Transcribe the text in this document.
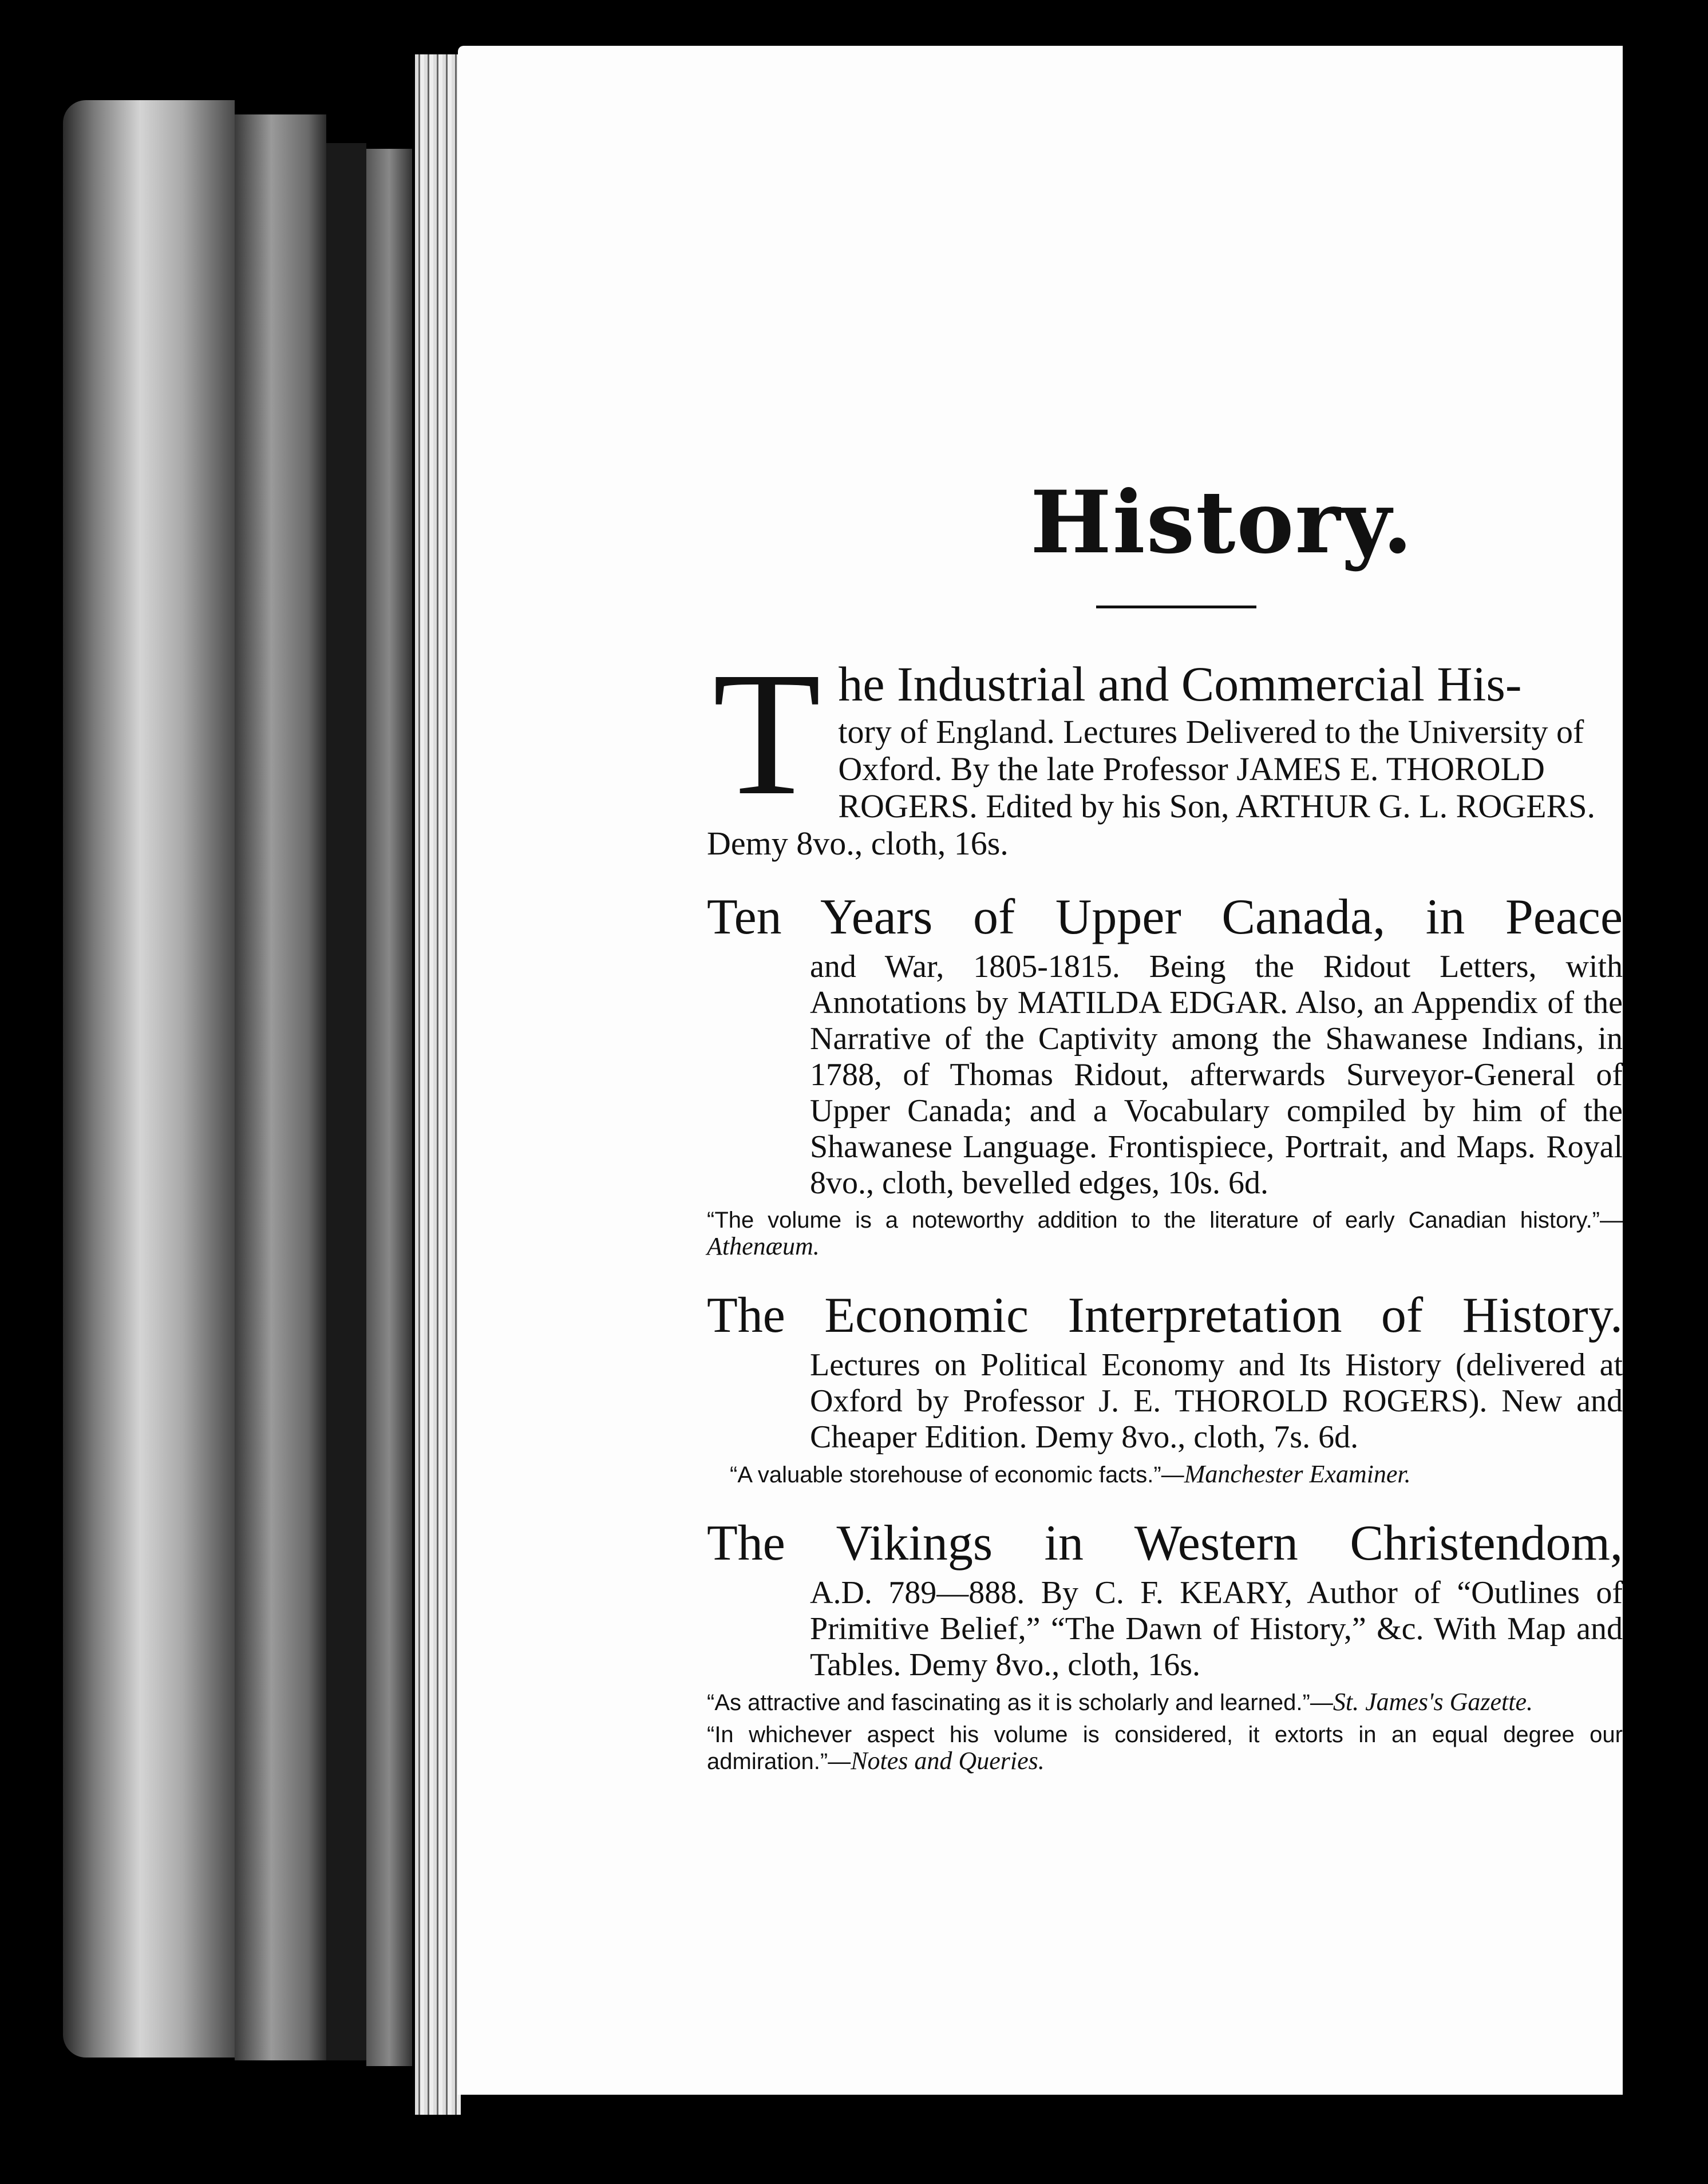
History.
T he Industrial and Commercial His-

tory of England. Lectures Delivered to the University of Oxford. By the late Professor JAMES E. THOROLD ROGERS. Edited by his Son, ARTHUR G. L. ROGERS. Demy 8vo., cloth, 16s.

Ten Years of Upper Canada, in Peace

and War, 1805-1815. Being the Ridout Letters, with Annotations by MATILDA EDGAR. Also, an Appendix of the Narrative of the Captivity among the Shawanese Indians, in 1788, of Thomas Ridout, afterwards Surveyor-General of Upper Canada; and a Vocabulary compiled by him of the Shawanese Language. Frontispiece, Portrait, and Maps. Royal 8vo., cloth, bevelled edges, 10s. 6d.

“The volume is a noteworthy addition to the literature of early Canadian history.”—Athenæum.

The Economic Interpretation of History.

Lectures on Political Economy and Its History (delivered at Oxford by Professor J. E. THOROLD ROGERS). New and Cheaper Edition. Demy 8vo., cloth, 7s. 6d.

“A valuable storehouse of economic facts.”—Manchester Examiner.

The Vikings in Western Christendom,

A.D. 789—888. By C. F. KEARY, Author of “Outlines of Primitive Belief,” “The Dawn of History,” &c. With Map and Tables. Demy 8vo., cloth, 16s.

“As attractive and fascinating as it is scholarly and learned.”—St. James's Gazette.

“In whichever aspect his volume is considered, it extorts in an equal degree our admiration.”—Notes and Queries.
